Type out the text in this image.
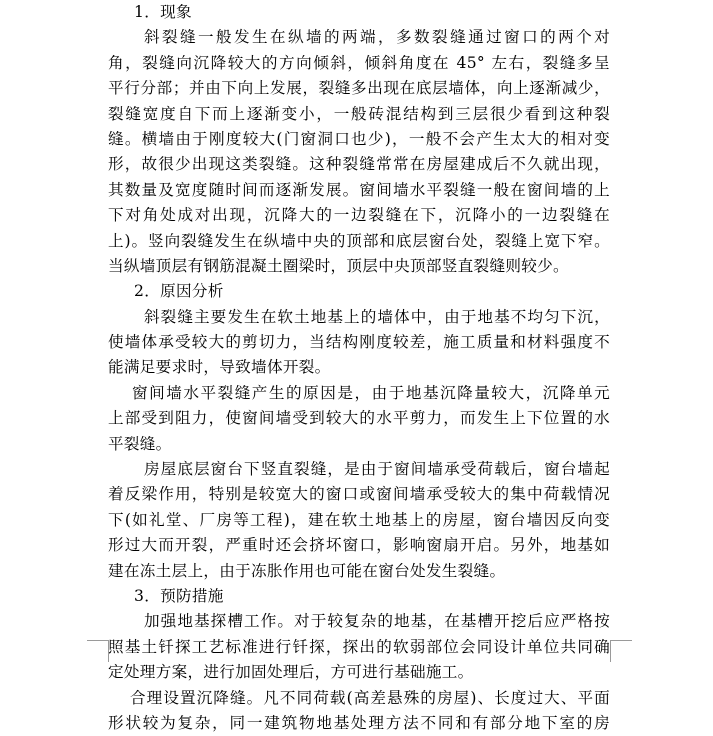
1．现象
斜裂缝一般发生在纵墙的两端，多数裂缝通过窗口的两个对
角，裂缝向沉降较大的方向倾斜，倾斜角度在 45° 左右，裂缝多呈
平行分部；并由下向上发展，裂缝多出现在底层墙体，向上逐渐减少，
裂缝宽度自下而上逐渐变小，一般砖混结构到三层很少看到这种裂
缝。横墙由于刚度较大(门窗洞口也少)，一般不会产生太大的相对变
形，故很少出现这类裂缝。这种裂缝常常在房屋建成后不久就出现，
其数量及宽度随时间而逐渐发展。窗间墙水平裂缝一般在窗间墙的上
下对角处成对出现，沉降大的一边裂缝在下，沉降小的一边裂缝在
上)。竖向裂缝发生在纵墙中央的顶部和底层窗台处，裂缝上宽下窄。
当纵墙顶层有钢筋混凝土圈梁时，顶层中央顶部竖直裂缝则较少。
2．原因分析
斜裂缝主要发生在软土地基上的墙体中，由于地基不均匀下沉，
使墙体承受较大的剪切力，当结构刚度较差，施工质量和材料强度不
能满足要求时，导致墙体开裂。
窗间墙水平裂缝产生的原因是，由于地基沉降量较大，沉降单元
上部受到阻力，使窗间墙受到较大的水平剪力，而发生上下位置的水
平裂缝。
房屋底层窗台下竖直裂缝，是由于窗间墙承受荷载后，窗台墙起
着反梁作用，特别是较宽大的窗口或窗间墙承受较大的集中荷载情况
下(如礼堂、厂房等工程)，建在软土地基上的房屋，窗台墙因反向变
形过大而开裂，严重时还会挤坏窗口，影响窗扇开启。另外，地基如
建在冻土层上，由于冻胀作用也可能在窗台处发生裂缝。
3．预防措施
加强地基探槽工作。对于较复杂的地基，在基槽开挖后应严格按
照基土钎探工艺标准进行钎探，探出的软弱部位会同设计单位共同确
定处理方案，进行加固处理后，方可进行基础施工。
合理设置沉降缝。凡不同荷载(高差悬殊的房屋)、长度过大、平面
形状较为复杂，同一建筑物地基处理方法不同和有部分地下室的房
